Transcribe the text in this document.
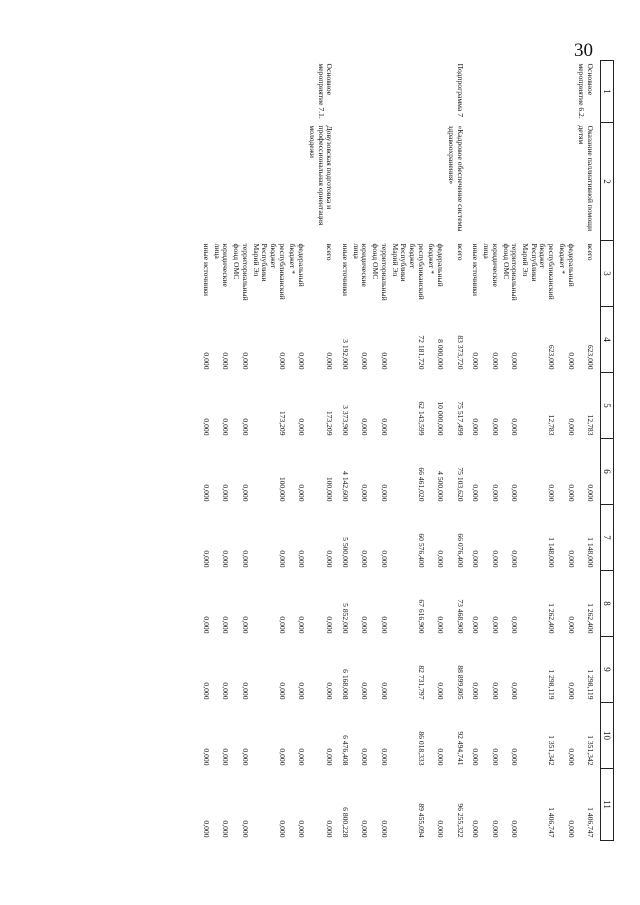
30
1	2	3	4	5	6	7	8	9	10	11
Основное мероприятие 6.2.	Оказание паллиативной помощи детям	всего	623,000	12,783	0,000	1 148,000	1 262,400	1 298,119	1 351,342	1 406,747
		федеральный бюджет *	0,000	0,000	0,000	0,000	0,000	0,000	0,000	0,000
		республиканский бюджет Республики Марий Эл	623,000	12,783	0,000	1 148,000	1 262,400	1 298,119	1 351,342	1 406,747
		территориальный фонд ОМС	0,000	0,000	0,000	0,000	0,000	0,000	0,000	0,000
		юридические лица	0,000	0,000	0,000	0,000	0,000	0,000	0,000	0,000
		иные источники	0,000	0,000	0,000	0,000	0,000	0,000	0,000	0,000
Подпрограмма 7	«Кадровое обеспечение системы здравоохранения»	всего	83 373,720	75 517,499	75 103,620	66 076,400	73 468,900	88 899,805	92 494,741	96 255,322
		федеральный бюджет *	8 000,000	10 000,000	4 500,000	0,000	0,000	0,000	0,000	0,000
		республиканский бюджет Республики Марий Эл	72 181,720	62 143,599	66 461,020	60 576,400	67 616,900	82 731,797	86 018,333	89 455,094
		территориальный фонд ОМС	0,000	0,000	0,000	0,000	0,000	0,000	0,000	0,000
		юридические лица	0,000	0,000	0,000	0,000	0,000	0,000	0,000	0,000
		иные источники	3 192,000	3 373,900	4 142,600	5 500,000	5 852,000	6 168,008	6 476,408	6 800,228
Основное мероприятие 7.1.	Довузовская подготовка и профессиональная ориентация молодежи	всего	0,000	173,209	100,000	0,000	0,000	0,000	0,000	0,000
		федеральный бюджет *	0,000	0,000	0,000	0,000	0,000	0,000	0,000	0,000
		республиканский бюджет Республики Марий Эл	0,000	173,209	100,000	0,000	0,000	0,000	0,000	0,000
		территориальный фонд ОМС	0,000	0,000	0,000	0,000	0,000	0,000	0,000	0,000
		юридические лица	0,000	0,000	0,000	0,000	0,000	0,000	0,000	0,000
		иные источники	0,000	0,000	0,000	0,000	0,000	0,000	0,000	0,000
